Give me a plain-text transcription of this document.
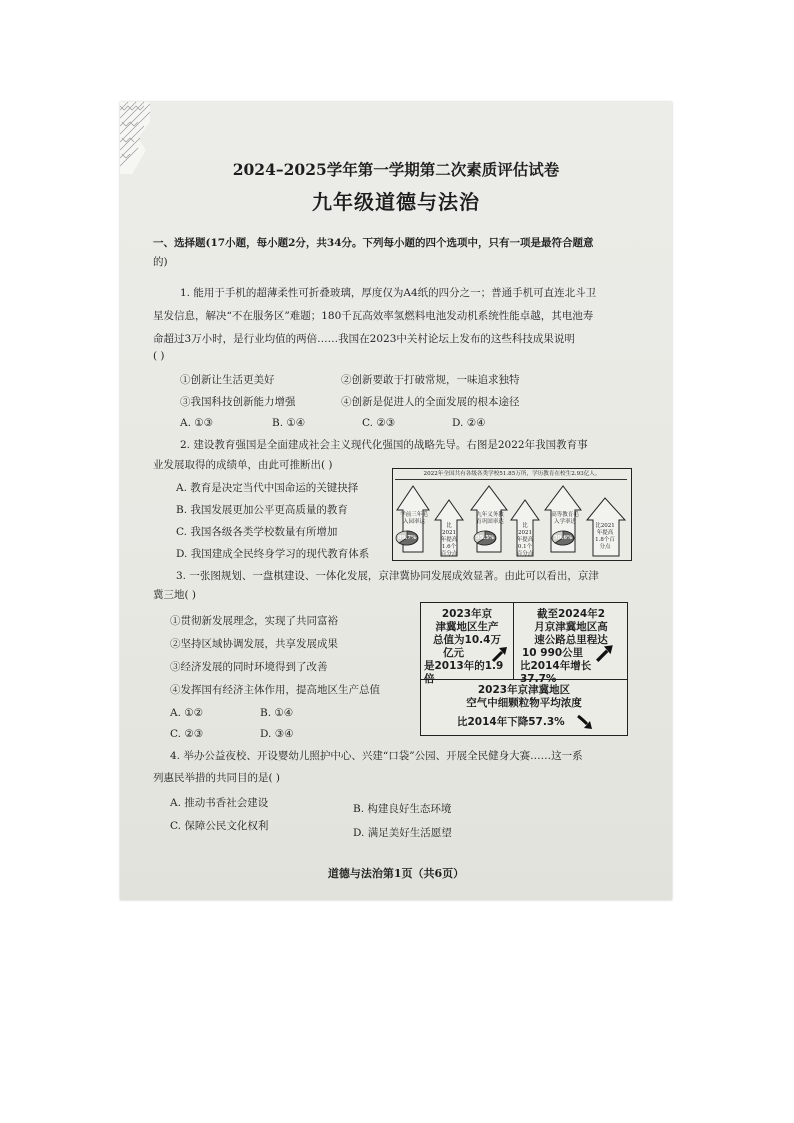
2024–2025学年第一学期第二次素质评估试卷
九年级道德与法治
一、选择题(17小题，每小题2分，共34分。下列每小题的四个选项中，只有一项是最符合题意
的)
1. 能用于手机的超薄柔性可折叠玻璃，厚度仅为A4纸的四分之一；普通手机可直连北斗卫
星发信息，解决“不在服务区”难题；180千瓦高效率氢燃料电池发动机系统性能卓越，其电池寿
命超过3万小时，是行业均值的两倍……我国在2023中关村论坛上发布的这些科技成果说明
( )
①创新让生活更美好	②创新要敢于打破常规，一味追求独特
③我国科技创新能力增强	④创新是促进人的全面发展的根本途径
A. ①③	B. ①④	C. ②③	D. ②④
2. 建设教育强国是全面建成社会主义现代化强国的战略先导。右图是2022年我国教育事
业发展取得的成绩单，由此可推断出( )
A. 教育是决定当代中国命运的关键抉择
B. 我国发展更加公平更高质量的教育
C. 我国各级各类学校数量有所增加
D. 我国建成全民终身学习的现代教育体系
2022年全国共有各级各类学校51.85万所，学历教育在校生2.93亿人。
学前三年毛入园率达
89.7%
比2021年提高1.6个百分点
九年义务教育巩固率达
95.5%
比2021年提高0.1个百分点
高等教育毛入学率达
59.6%
比2021年提高1.8个百分点
3. 一张图规划、一盘棋建设、一体化发展，京津冀协同发展成效显著。由此可以看出，京津
冀三地( )
①贯彻新发展理念，实现了共同富裕
②坚持区域协调发展，共享发展成果
③经济发展的同时环境得到了改善
④发挥国有经济主体作用，提高地区生产总值
A. ①②	B. ①④
C. ②③	D. ③④
2023年京
津冀地区生产
总值为10.4万
亿元
是2013年的1.9倍
截至2024年2
月京津冀地区高
速公路总里程达
10 990公里
比2014年增长37.7%
2023年京津冀地区
空气中细颗粒物平均浓度
比2014年下降57.3%
4. 举办公益夜校、开设婴幼儿照护中心、兴建“口袋”公园、开展全民健身大赛……这一系
列惠民举措的共同目的是( )
A. 推动书香社会建设	B. 构建良好生态环境
C. 保障公民文化权利
D. 满足美好生活愿望
道德与法治第1页（共6页）
